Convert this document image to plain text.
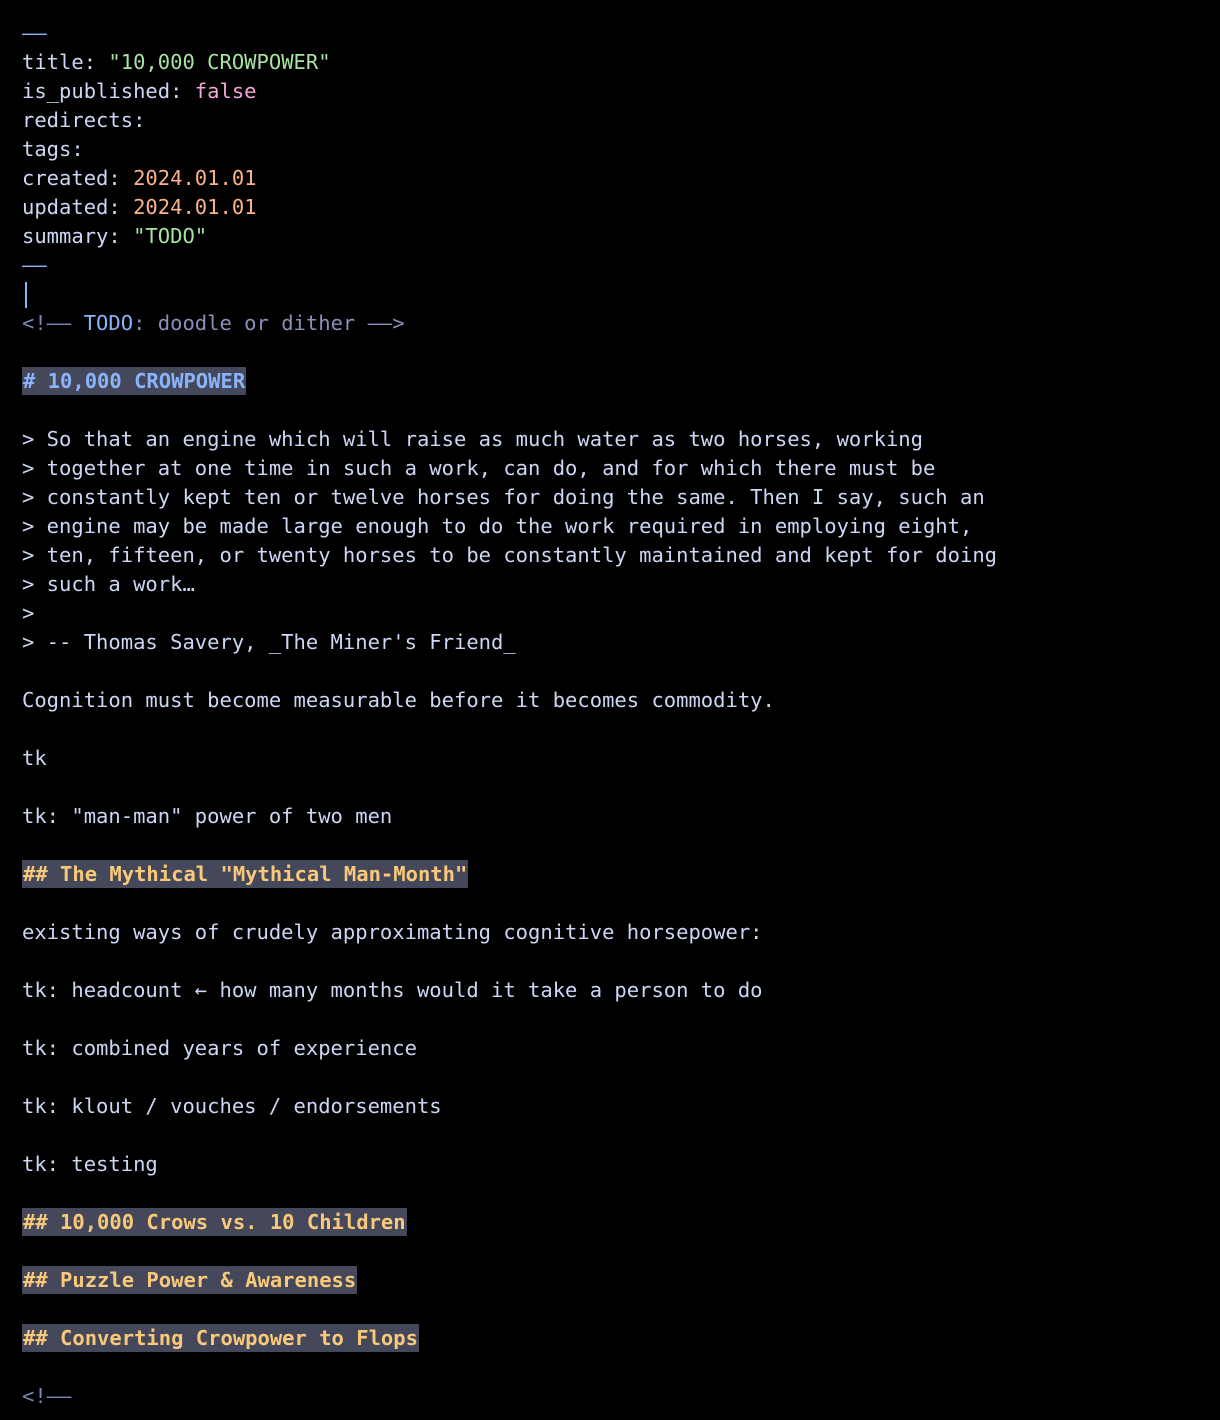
——
title: "10,000 CROWPOWER"
is_published: false
redirects:
tags:
created: 2024.01.01
updated: 2024.01.01
summary: "TODO"
——
<!—— TODO: doodle or dither ——>
# 10,000 CROWPOWER
> So that an engine which will raise as much water as two horses, working
> together at one time in such a work, can do, and for which there must be
> constantly kept ten or twelve horses for doing the same. Then I say, such an
> engine may be made large enough to do the work required in employing eight,
> ten, fifteen, or twenty horses to be constantly maintained and kept for doing
> such a work…
>
> -- Thomas Savery, _The Miner's Friend_
Cognition must become measurable before it becomes commodity.
tk
tk: "man-man" power of two men
## The Mythical "Mythical Man-Month"
existing ways of crudely approximating cognitive horsepower:
tk: headcount ← how many months would it take a person to do
tk: combined years of experience
tk: klout / vouches / endorsements
tk: testing
## 10,000 Crows vs. 10 Children
## Puzzle Power & Awareness
## Converting Crowpower to Flops
<!——
